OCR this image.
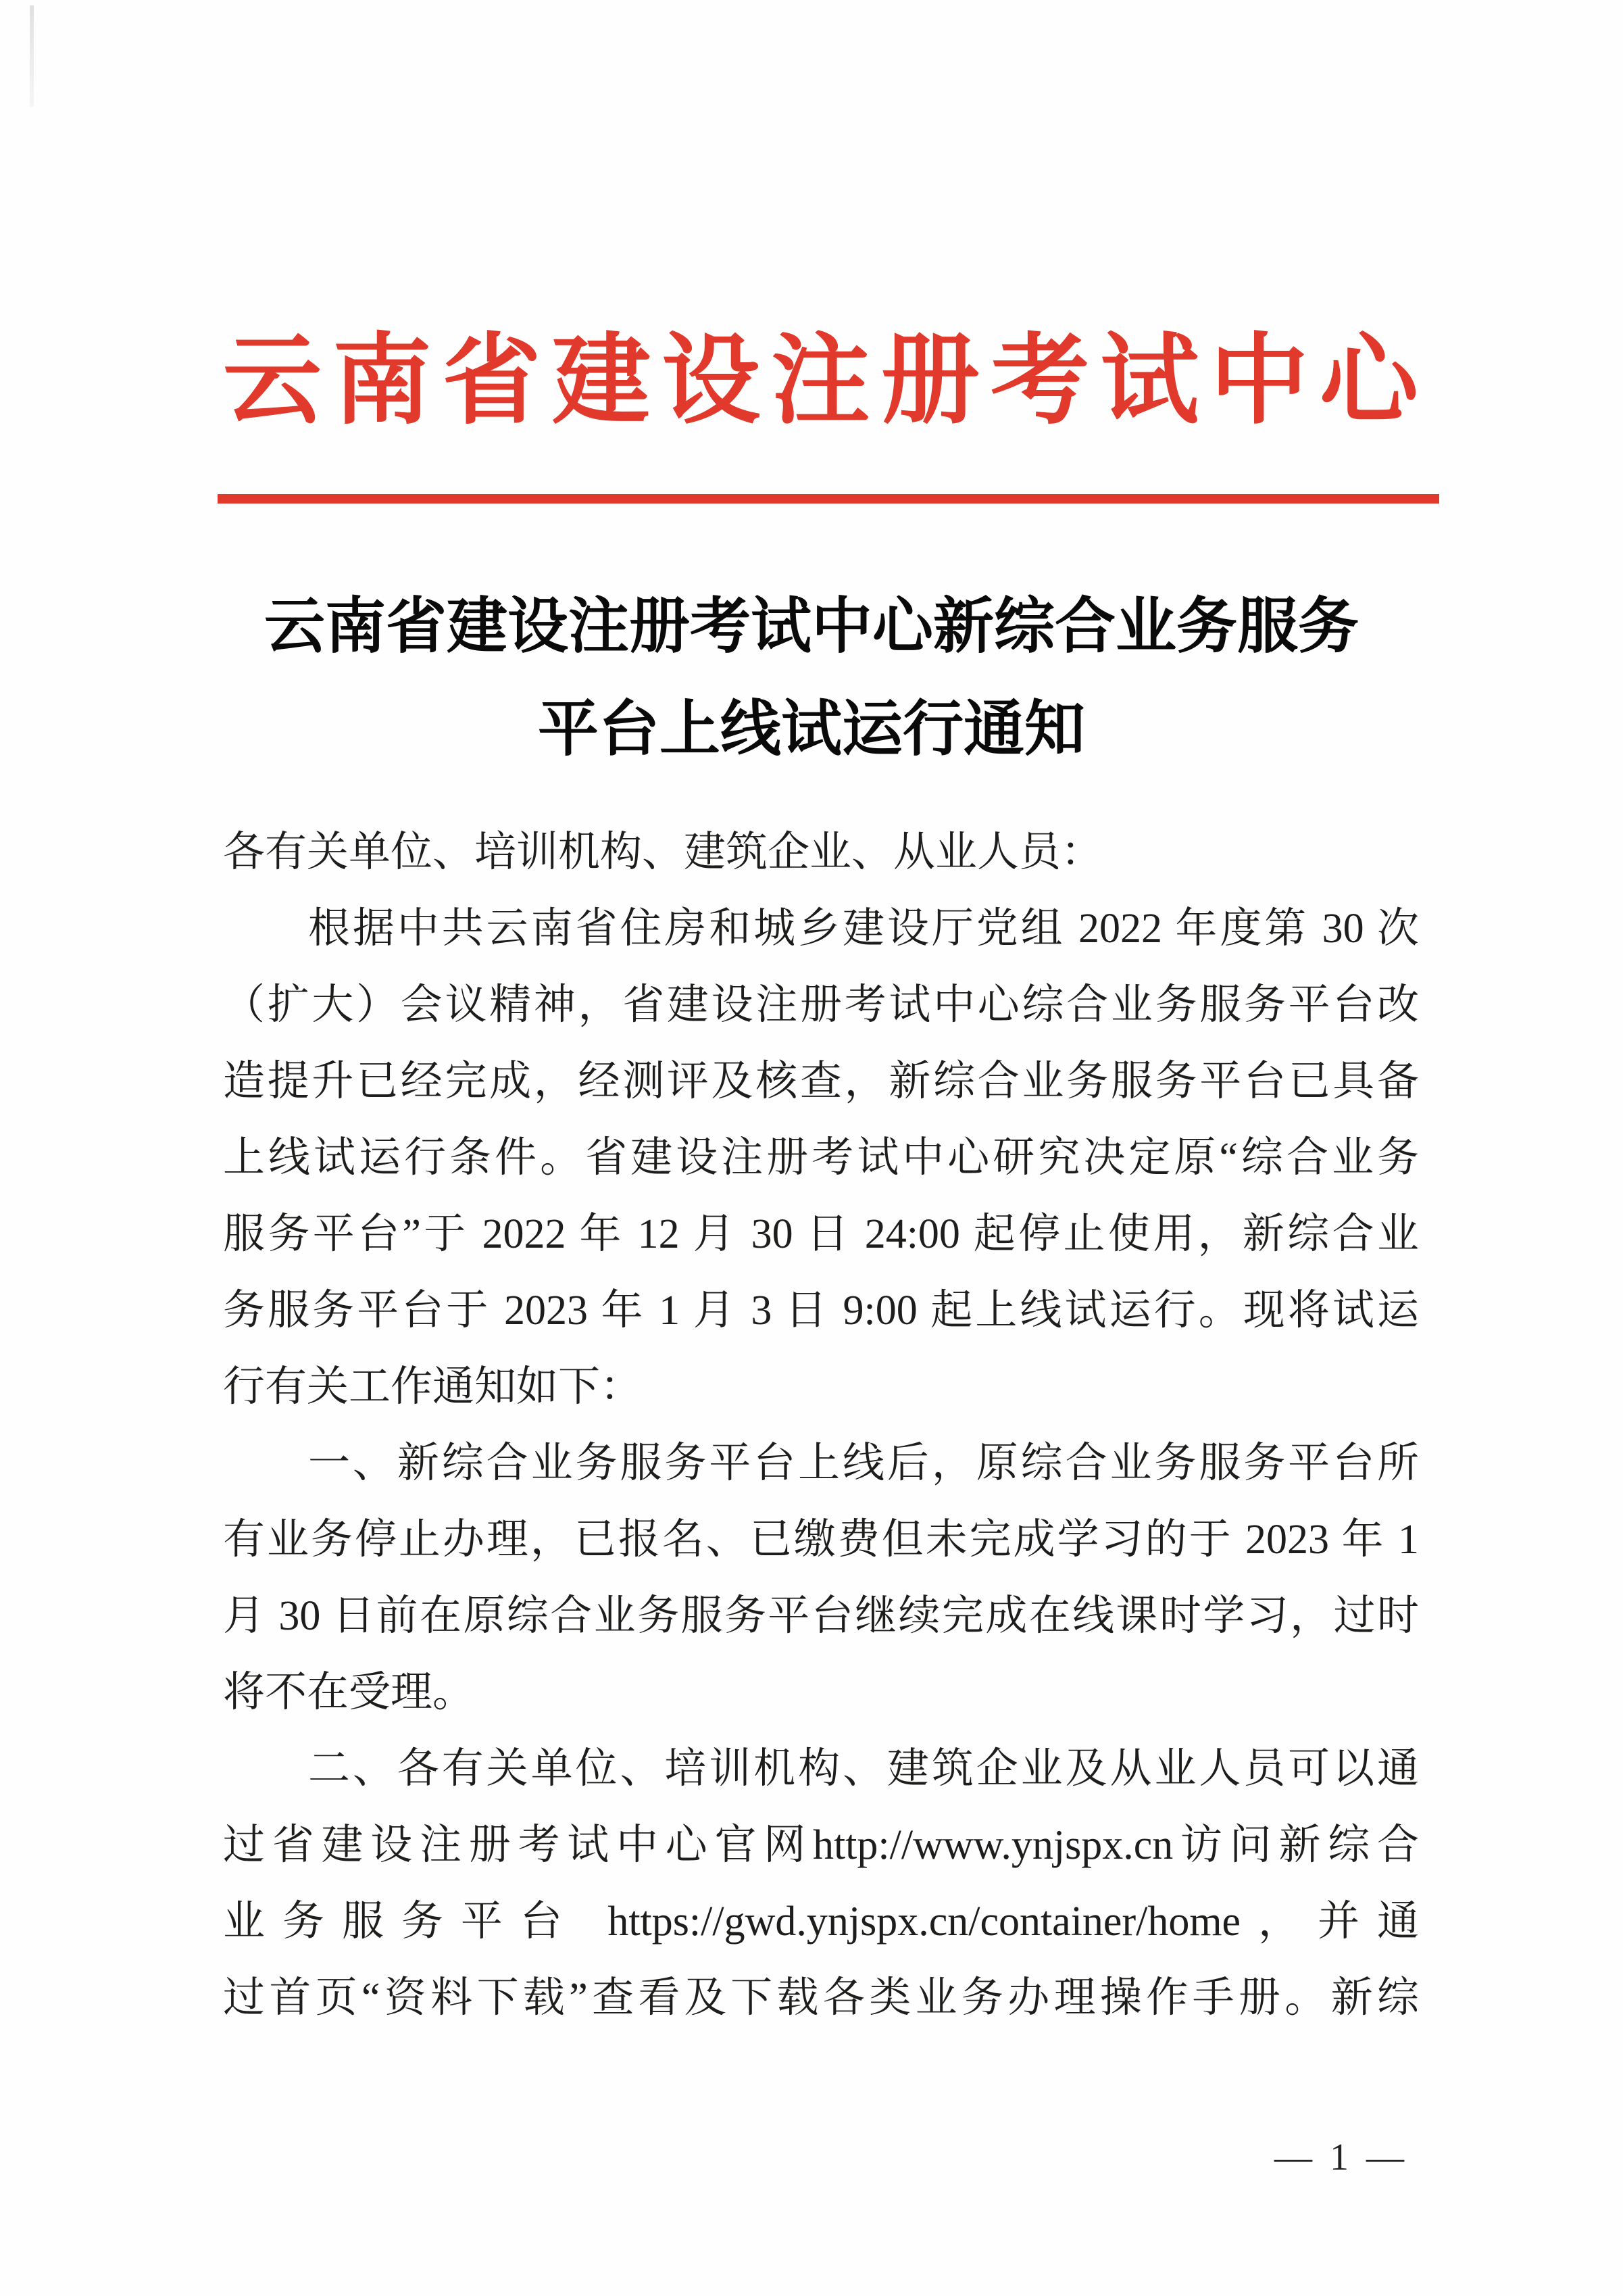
云南省建设注册考试中心
云南省建设注册考试中心新综合业务服务
平台上线试运行通知
各有关单位、培训机构、建筑企业、从业人员：
根据中共云南省住房和城乡建设厅党组 2022 年度第 30 次
（扩大）会议精神，省建设注册考试中心综合业务服务平台改
造提升已经完成，经测评及核查，新综合业务服务平台已具备
上线试运行条件。省建设注册考试中心研究决定原“综合业务
服务平台”于 2022 年 12 月 30 日 24:00 起停止使用，新综合业
务服务平台于 2023 年 1 月 3 日 9:00 起上线试运行。现将试运
行有关工作通知如下：
一、新综合业务服务平台上线后，原综合业务服务平台所
有业务停止办理，已报名、已缴费但未完成学习的于 2023 年 1
月 30 日前在原综合业务服务平台继续完成在线课时学习，过时
将不在受理。
二、各有关单位、培训机构、建筑企业及从业人员可以通
过省建设注册考试中心官网http://www.ynjspx.cn访问新综合
业务服务平台 https://gwd.ynjspx.cn/container/home，并通
过首页“资料下载”查看及下载各类业务办理操作手册。新综
— 1 —
